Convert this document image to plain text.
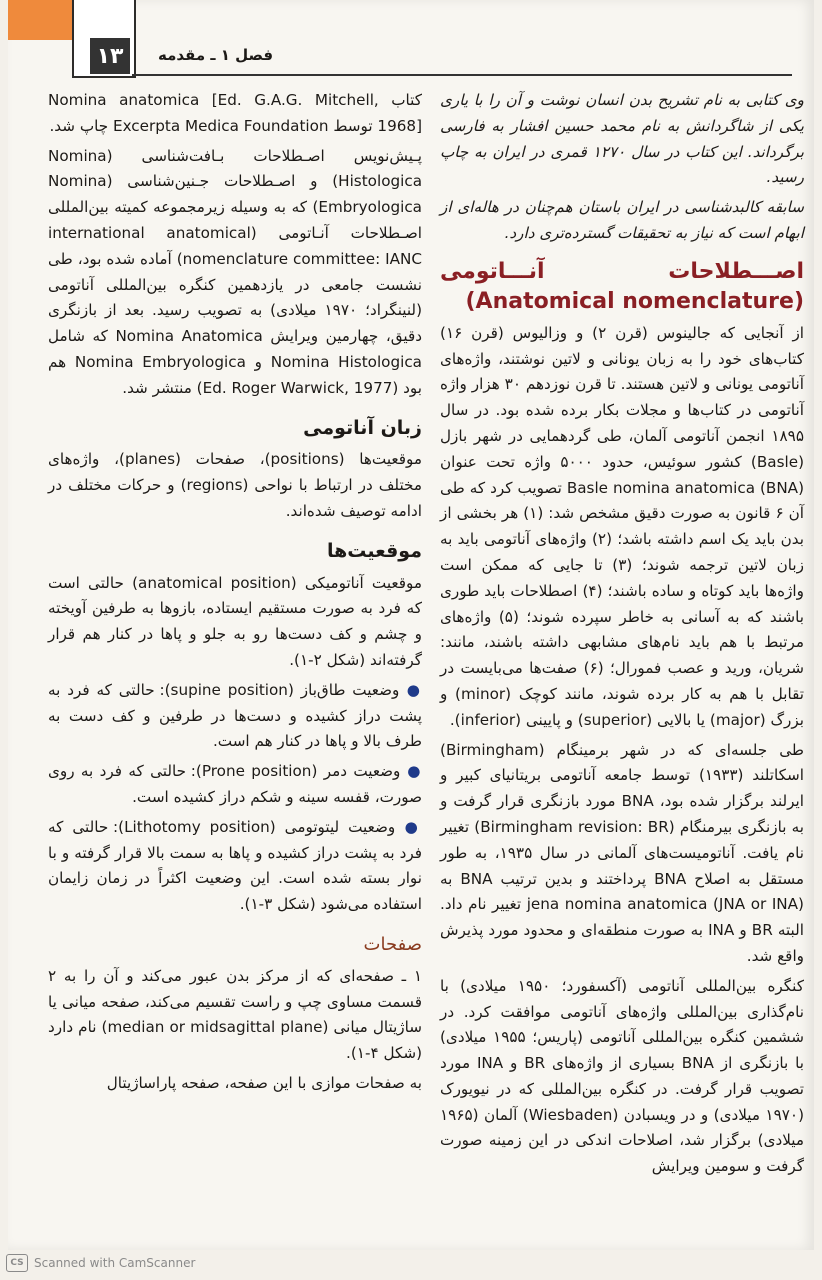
۱۳	فصل ۱ ـ مقدمه

وی کتابی به نام تشریح بدن انسان نوشت و آن را با یاری یکی از شاگردانش به نام محمد حسین افشار به فارسی برگرداند. این کتاب در سال ۱۲۷۰ قمری در ایران به چاپ رسید.

سابقه کالبدشناسی در ایران باستان هم‌چنان در هاله‌ای از ابهام است که نیاز به تحقیقات گسترده‌تری دارد.

اصـــطلاحات آنـــاتومی (Anatomical nomenclature)

از آنجایی که جالینوس (قرن ۲) و وزالیوس (قرن ۱۶) کتاب‌های خود را به زبان یونانی و لاتین نوشتند، واژه‌های آناتومی یونانی و لاتین هستند. تا قرن نوزدهم ۳۰ هزار واژه آناتومی در کتاب‌ها و مجلات بکار برده شده بود. در سال ۱۸۹۵ انجمن آناتومی آلمان، طی گردهمایی در شهر بازل (Basle) کشور سوئیس، حدود ۵۰۰۰ واژه تحت عنوان Basle nomina anatomica (BNA) تصویب کرد که طی آن ۶ قانون به صورت دقیق مشخص شد: (۱) هر بخشی از بدن باید یک اسم داشته باشد؛ (۲) واژه‌های آناتومی باید به زبان لاتین ترجمه شوند؛ (۳) تا جایی که ممکن است واژه‌ها باید کوتاه و ساده باشند؛ (۴) اصطلاحات باید طوری باشند که به آسانی به خاطر سپرده شوند؛ (۵) واژه‌های مرتبط با هم باید نام‌های مشابهی داشته باشند، مانند: شریان، ورید و عصب فمورال؛ (۶) صفت‌ها می‌بایست در تقابل با هم به کار برده شوند، مانند کوچک (minor) و بزرگ (major) یا بالایی (superior) و پایینی (inferior).

طی جلسه‌ای که در شهر برمینگام (Birmingham) اسکاتلند (۱۹۳۳) توسط جامعه آناتومی بریتانیای کبیر و ایرلند برگزار شده بود، BNA مورد بازنگری قرار گرفت و به بازنگری بیرمنگام (Birmingham revision: BR) تغییر نام یافت. آناتومیست‌های آلمانی در سال ۱۹۳۵، به طور مستقل به اصلاح BNA پرداختند و بدین ترتیب BNA به jena nomina anatomica (JNA or INA) تغییر نام داد. البته BR و INA به صورت منطقه‌ای و محدود مورد پذیرش واقع شد.

کنگره بین‌المللی آناتومی (آکسفورد؛ ۱۹۵۰ میلادی) با نام‌گذاری بین‌المللی واژه‌های آناتومی موافقت کرد. در ششمین کنگره بین‌المللی آناتومی (پاریس؛ ۱۹۵۵ میلادی) با بازنگری از BNA بسیاری از واژه‌های BR و INA مورد تصویب قرار گرفت. در کنگره بین‌المللی که در نیویورک (۱۹۷۰ میلادی) و در ویسبادن (Wiesbaden) آلمان (۱۹۶۵ میلادی) برگزار شد، اصلاحات اندکی در این زمینه صورت گرفت و سومین ویرایش

کتاب Nomina anatomica [Ed. G.A.G. Mitchell, 1968] توسط Excerpta Medica Foundation چاپ شد.

پـیش‌نویس اصـطلاحات بـافت‌شناسی (Nomina Histologica) و اصـطلاحات جـنین‌شناسی (Nomina Embryologica) که به وسیله زیرمجموعه کمیته بین‌المللی اصـطلاحات آنـاتومی (international anatomical nomenclature committee: IANC) آماده شده بود، طی نشست جامعی در یازدهمین کنگره بین‌المللی آناتومی (لنینگراد؛ ۱۹۷۰ میلادی) به تصویب رسید. بعد از بازنگری دقیق، چهارمین ویرایش Nomina Anatomica که شامل Nomina Histologica و Nomina Embryologica هم بود (Ed. Roger Warwick, 1977) منتشر شد.

زبان آناتومی

موقعیت‌ها (positions)، صفحات (planes)، واژه‌های مختلف در ارتباط با نواحی (regions) و حرکات مختلف در ادامه توصیف شده‌اند.

موقعیت‌ها

موقعیت آناتومیکی (anatomical position) حالتی است که فرد به صورت مستقیم ایستاده، بازوها به طرفین آویخته و چشم و کف دست‌ها رو به جلو و پاها در کنار هم قرار گرفته‌اند (شکل ۲-۱).

● وضعیت طاق‌باز (supine position): حالتی که فرد به پشت دراز کشیده و دست‌ها در طرفین و کف دست به طرف بالا و پاها در کنار هم است.

● وضعیت دمر (Prone position): حالتی که فرد به روی صورت، قفسه سینه و شکم دراز کشیده است.

● وضعیت لیتوتومی (Lithotomy position): حالتی که فرد به پشت دراز کشیده و پاها به سمت بالا قرار گرفته و با نوار بسته شده است. این وضعیت اکثراً در زمان زایمان استفاده می‌شود (شکل ۳-۱).

صفحات

۱ ـ صفحه‌ای که از مرکز بدن عبور می‌کند و آن را به ۲ قسمت مساوی چپ و راست تقسیم می‌کند، صفحه میانی یا ساژیتال میانی (median or midsagittal plane) نام دارد (شکل ۴-۱).

به صفحات موازی با این صفحه، صفحه پاراساژیتال

CS Scanned with CamScanner
